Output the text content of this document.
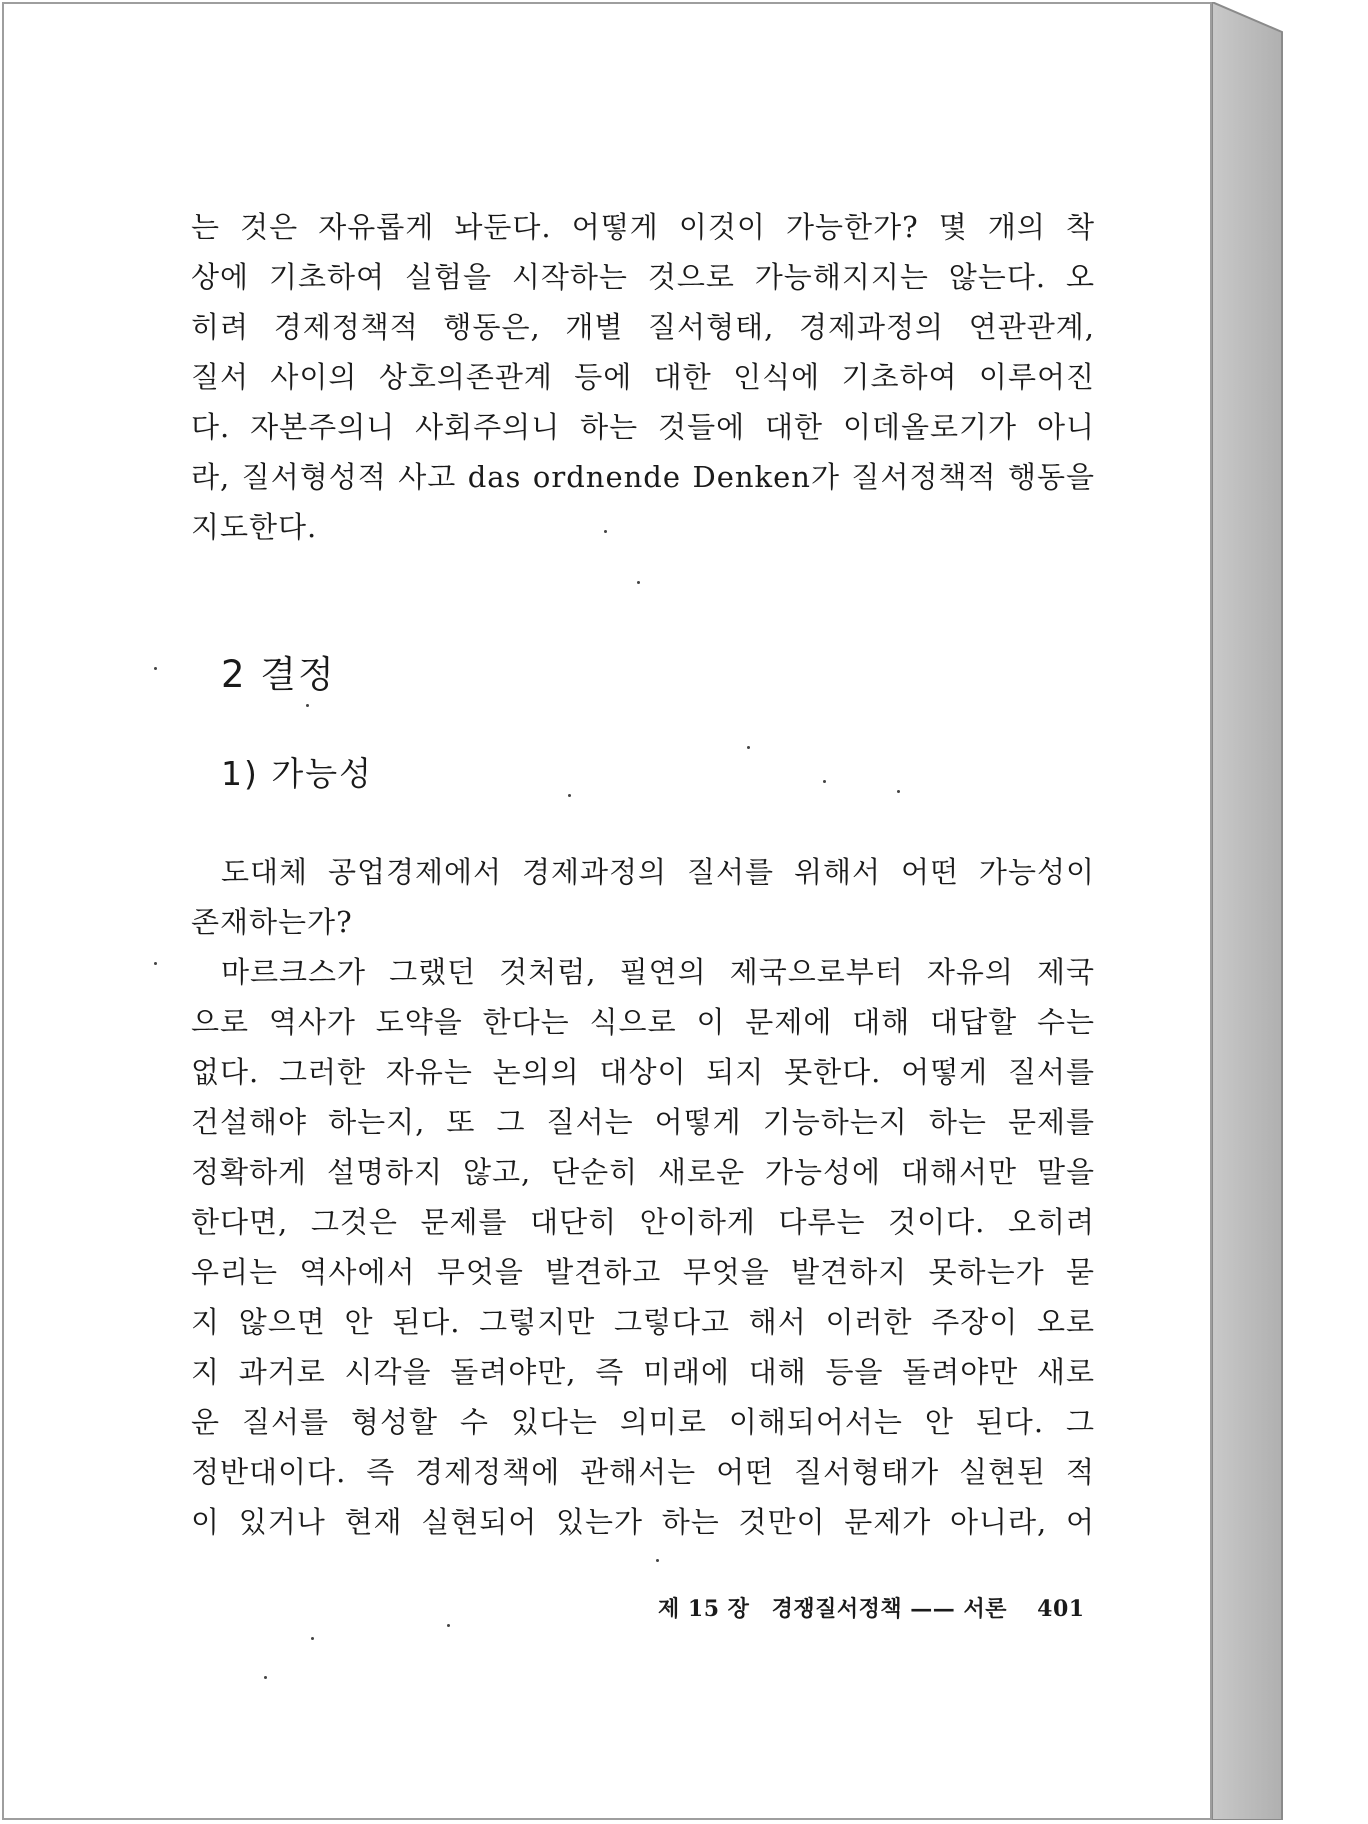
는 것은 자유롭게 놔둔다. 어떻게 이것이 가능한가? 몇 개의 착
상에 기초하여 실험을 시작하는 것으로 가능해지지는 않는다. 오
히려 경제정책적 행동은, 개별 질서형태, 경제과정의 연관관계,
질서 사이의 상호의존관계 등에 대한 인식에 기초하여 이루어진
다. 자본주의니 사회주의니 하는 것들에 대한 이데올로기가 아니
라, 질서형성적 사고 das ordnende Denken가 질서정책적 행동을
지도한다.
2 결정
1) 가능성
도대체 공업경제에서 경제과정의 질서를 위해서 어떤 가능성이
존재하는가?
마르크스가 그랬던 것처럼, 필연의 제국으로부터 자유의 제국
으로 역사가 도약을 한다는 식으로 이 문제에 대해 대답할 수는
없다. 그러한 자유는 논의의 대상이 되지 못한다. 어떻게 질서를
건설해야 하는지, 또 그 질서는 어떻게 기능하는지 하는 문제를
정확하게 설명하지 않고, 단순히 새로운 가능성에 대해서만 말을
한다면, 그것은 문제를 대단히 안이하게 다루는 것이다. 오히려
우리는 역사에서 무엇을 발견하고 무엇을 발견하지 못하는가 묻
지 않으면 안 된다. 그렇지만 그렇다고 해서 이러한 주장이 오로
지 과거로 시각을 돌려야만, 즉 미래에 대해 등을 돌려야만 새로
운 질서를 형성할 수 있다는 의미로 이해되어서는 안 된다. 그
정반대이다. 즉 경제정책에 관해서는 어떤 질서형태가 실현된 적
이 있거나 현재 실현되어 있는가 하는 것만이 문제가 아니라, 어
제 15 장 경쟁질서정책 —— 서론 401
